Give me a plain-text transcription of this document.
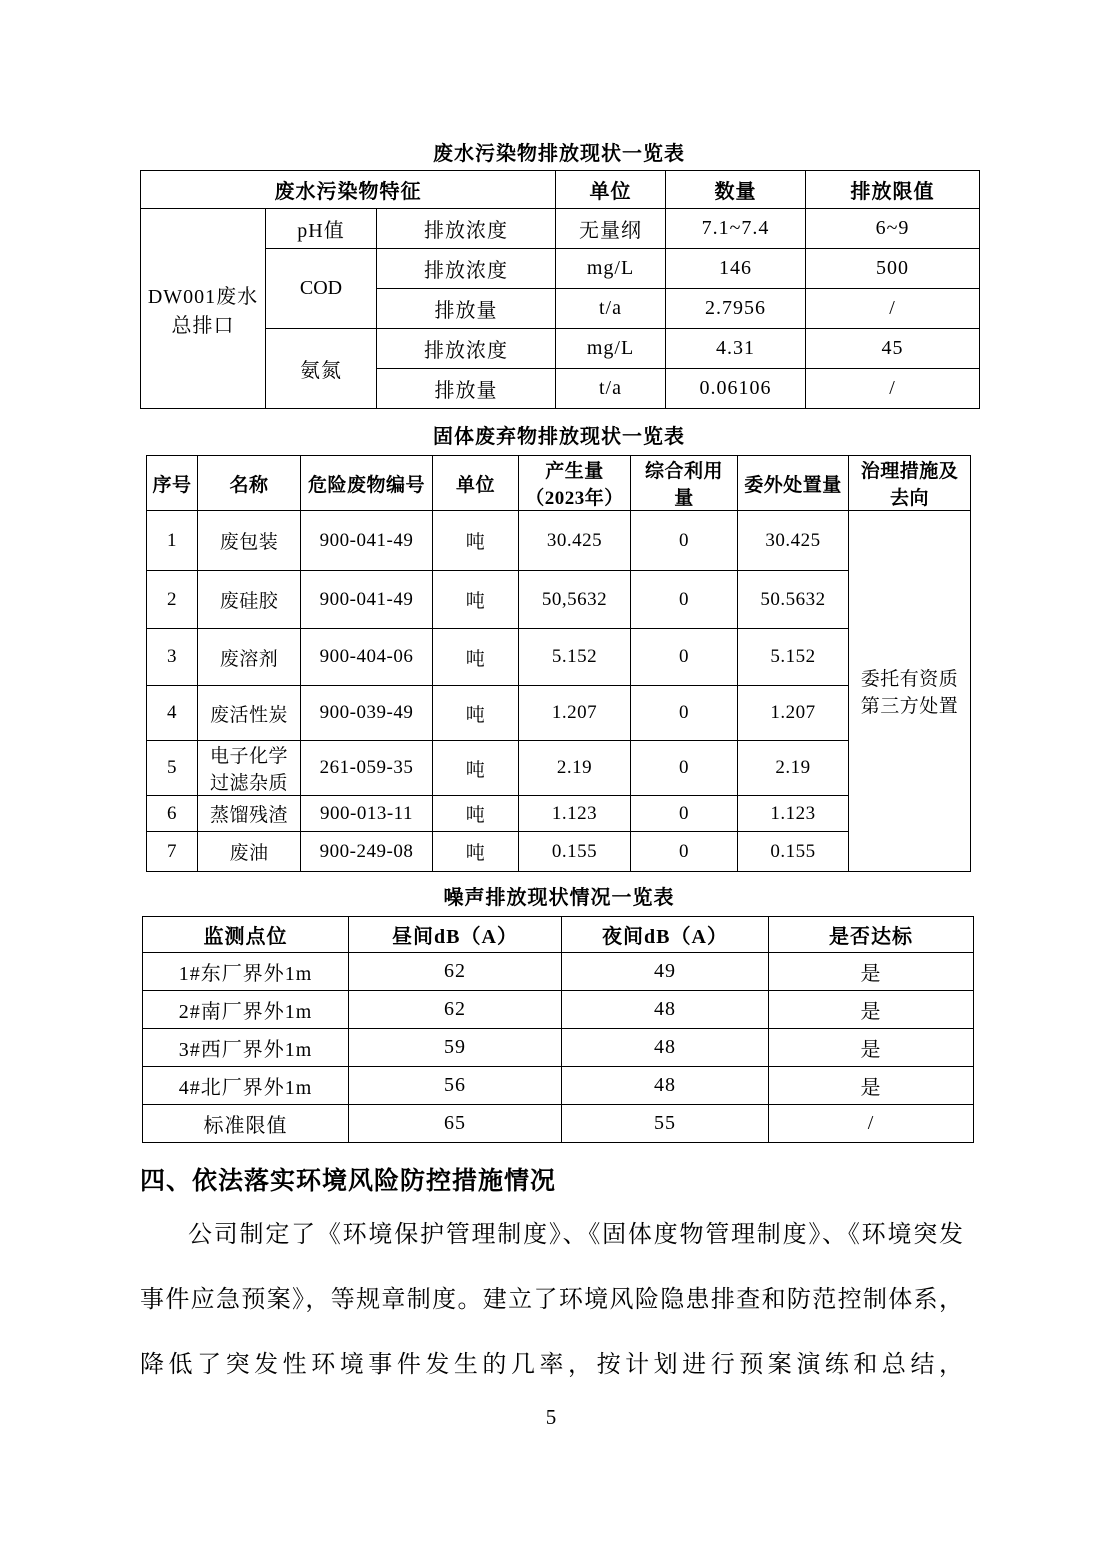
废水污染物排放现状一览表
废水污染物特征			单位	数量	排放限值
DW001废水总排口	pH值	排放浓度	无量纲	7.1~7.4	6~9
	COD	排放浓度	mg/L	146	500
		排放量	t/a	2.7956	/
	氨氮	排放浓度	mg/L	4.31	45
		排放量	t/a	0.06106	/
固体废弃物排放现状一览表
序号	名称	危险废物编号	单位	产生量（2023年）	综合利用量	委外处置量	治理措施及去向
1	废包装	900-041-49	吨	30.425	0	30.425	委托有资质第三方处置
2	废硅胶	900-041-49	吨	50,5632	0	50.5632	
3	废溶剂	900-404-06	吨	5.152	0	5.152	
4	废活性炭	900-039-49	吨	1.207	0	1.207	
5	电子化学过滤杂质	261-059-35	吨	2.19	0	2.19	
6	蒸馏残渣	900-013-11	吨	1.123	0	1.123	
7	废油	900-249-08	吨	0.155	0	0.155	
噪声排放现状情况一览表
监测点位	昼间dB（A）	夜间dB（A）	是否达标
1#东厂界外1m	62	49	是
2#南厂界外1m	62	48	是
3#西厂界外1m	59	48	是
4#北厂界外1m	56	48	是
标准限值	65	55	/
四、依法落实环境风险防控措施情况

公司制定了《环境保护管理制度》、《固体度物管理制度》、《环境突发事件应急预案》，等规章制度。建立了环境风险隐患排查和防范控制体系，降低了突发性环境事件发生的几率，按计划进行预案演练和总结，

5
